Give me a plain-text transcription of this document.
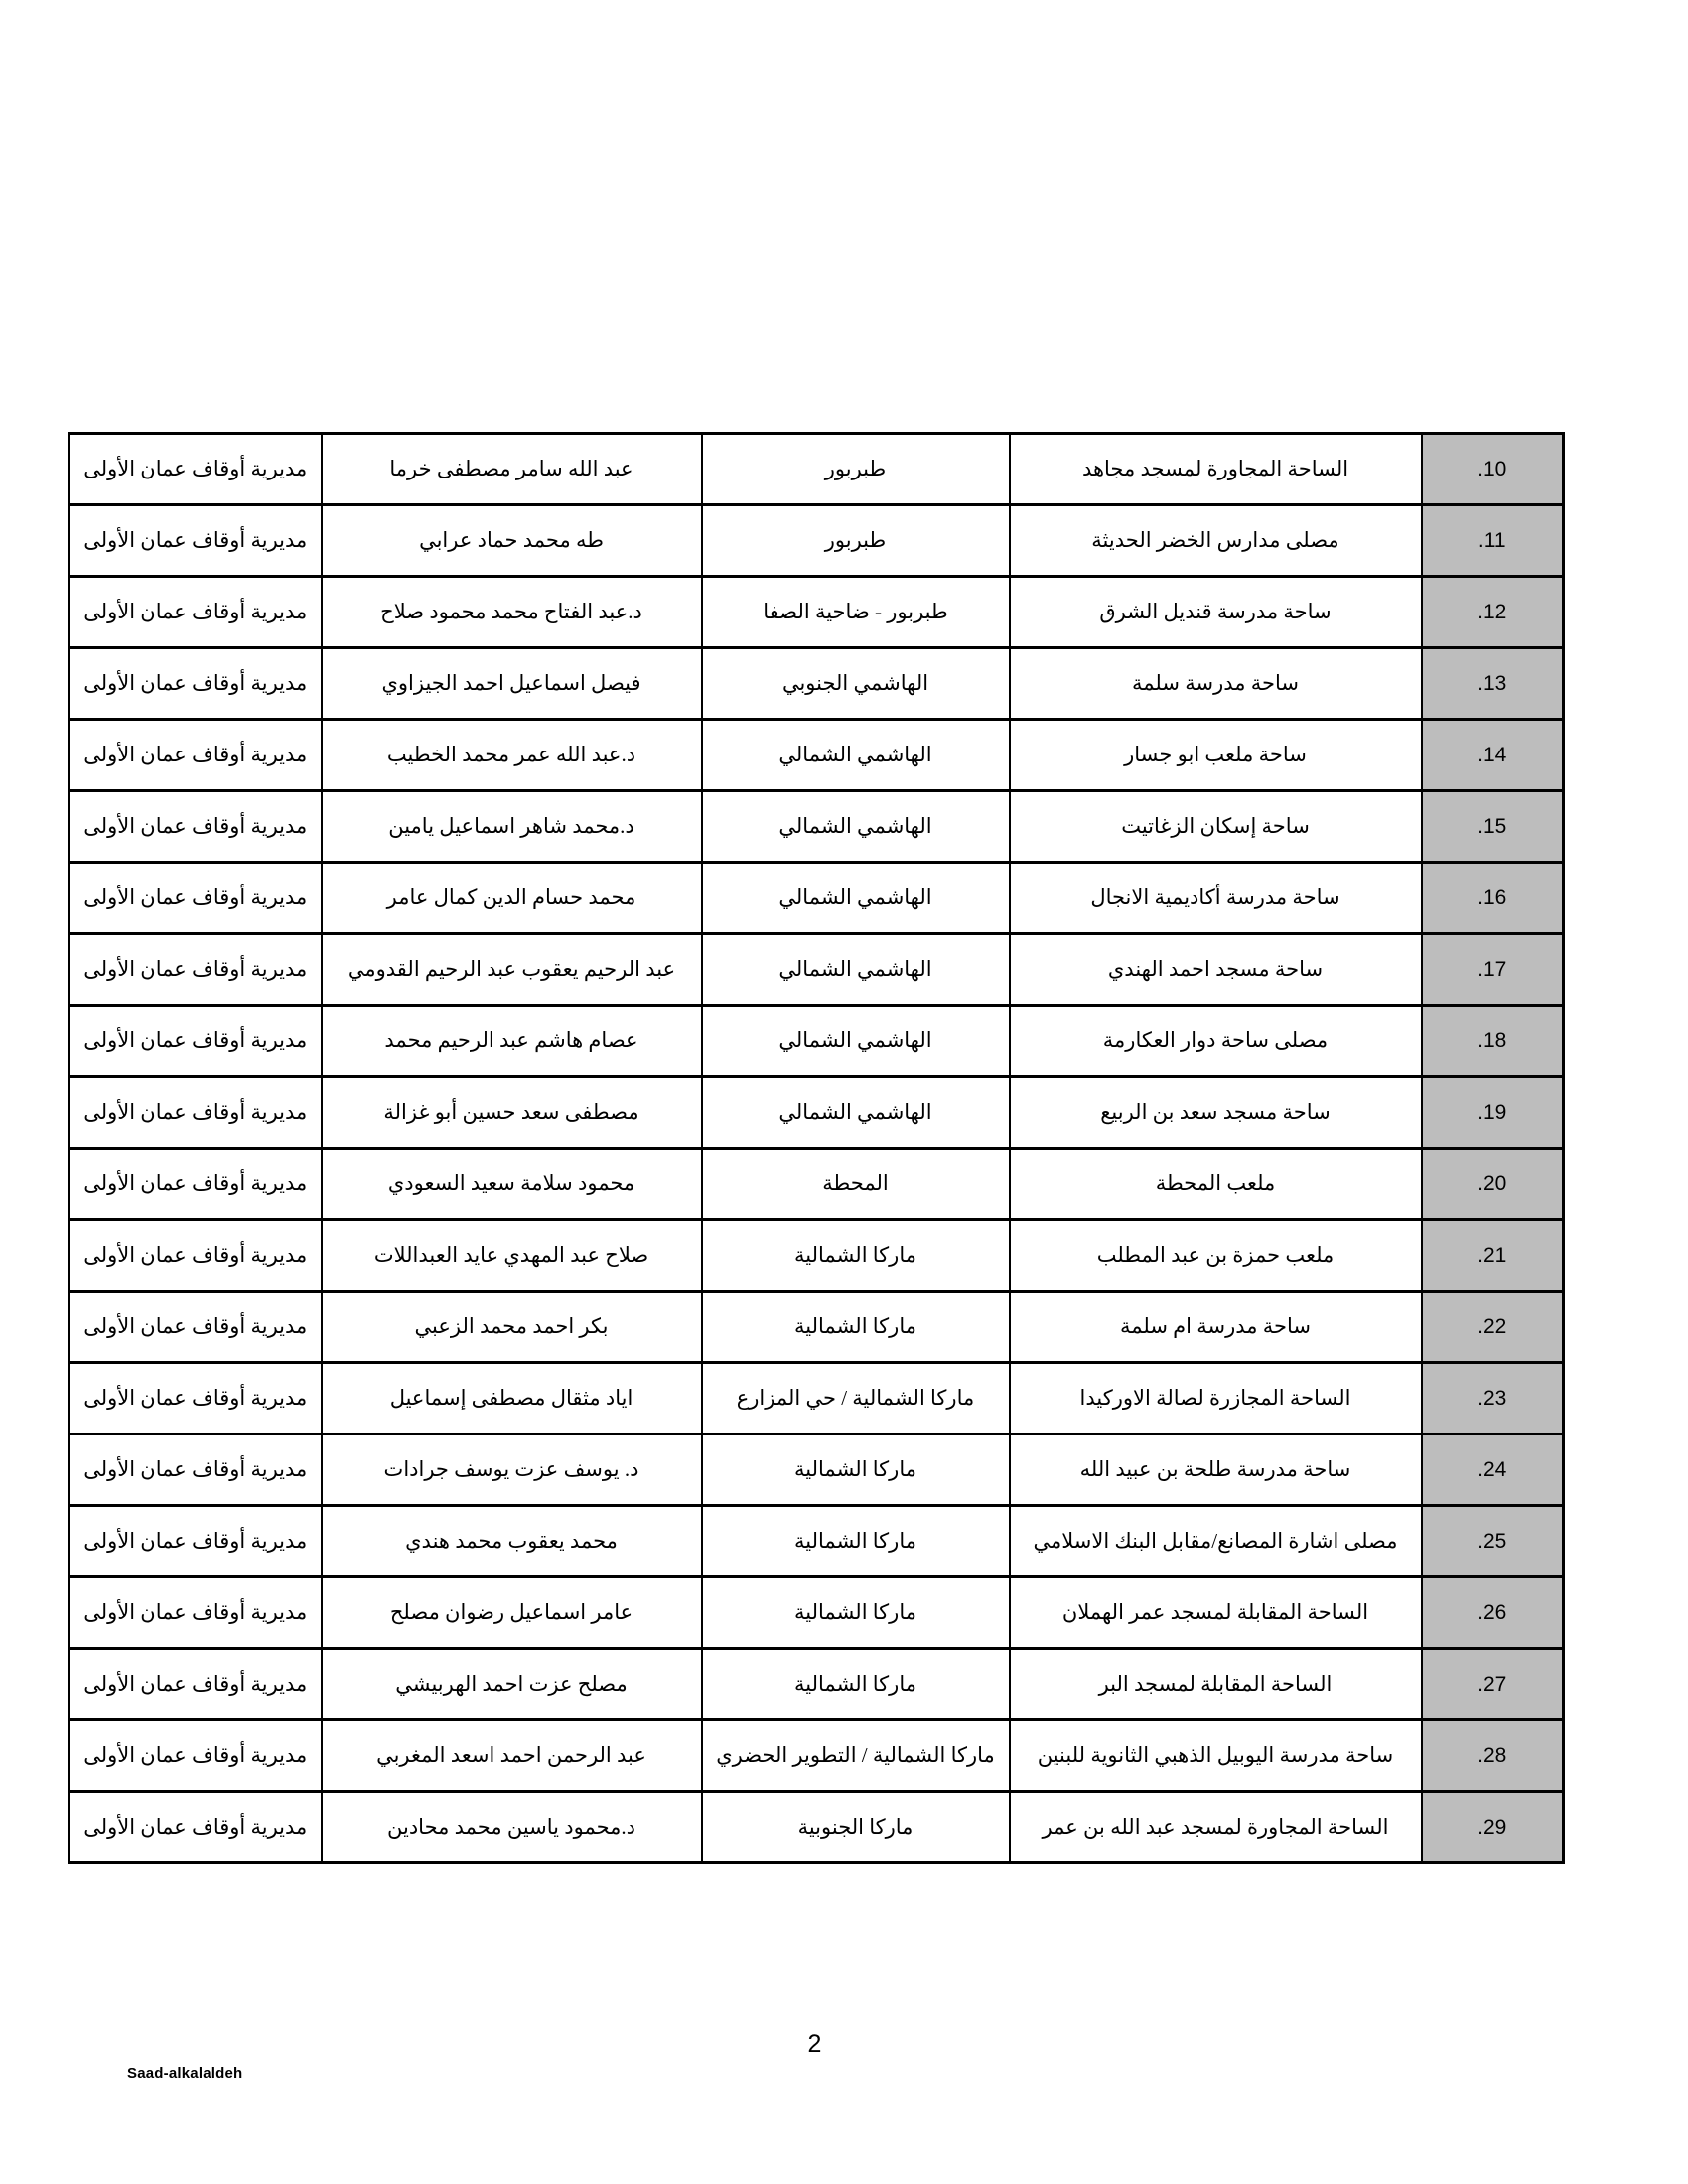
.10	الساحة المجاورة لمسجد مجاهد	طبربور	عبد الله سامر مصطفى خرما	مديرية أوقاف عمان الأولى
.11	مصلى مدارس الخضر الحديثة	طبربور	طه محمد حماد عرابي	مديرية أوقاف عمان الأولى
.12	ساحة مدرسة قنديل الشرق	طبربور - ضاحية الصفا	د.عبد الفتاح محمد محمود صلاح	مديرية أوقاف عمان الأولى
.13	ساحة مدرسة سلمة	الهاشمي الجنوبي	فيصل اسماعيل احمد الجيزاوي	مديرية أوقاف عمان الأولى
.14	ساحة ملعب ابو جسار	الهاشمي الشمالي	د.عبد الله عمر محمد الخطيب	مديرية أوقاف عمان الأولى
.15	ساحة إسكان الزغاتيت	الهاشمي الشمالي	د.محمد شاهر اسماعيل يامين	مديرية أوقاف عمان الأولى
.16	ساحة مدرسة أكاديمية الانجال	الهاشمي الشمالي	محمد حسام الدين كمال عامر	مديرية أوقاف عمان الأولى
.17	ساحة مسجد احمد الهندي	الهاشمي الشمالي	عبد الرحيم يعقوب عبد الرحيم القدومي	مديرية أوقاف عمان الأولى
.18	مصلى ساحة دوار العكارمة	الهاشمي الشمالي	عصام هاشم عبد الرحيم محمد	مديرية أوقاف عمان الأولى
.19	ساحة مسجد سعد بن الربيع	الهاشمي الشمالي	مصطفى سعد حسين أبو غزالة	مديرية أوقاف عمان الأولى
.20	ملعب المحطة	المحطة	محمود سلامة سعيد السعودي	مديرية أوقاف عمان الأولى
.21	ملعب حمزة بن عبد المطلب	ماركا الشمالية	صلاح عبد المهدي عايد العبداللات	مديرية أوقاف عمان الأولى
.22	ساحة مدرسة ام سلمة	ماركا الشمالية	بكر احمد محمد الزعبي	مديرية أوقاف عمان الأولى
.23	الساحة المجازرة لصالة الاوركيدا	ماركا الشمالية / حي المزارع	اياد مثقال مصطفى إسماعيل	مديرية أوقاف عمان الأولى
.24	ساحة مدرسة طلحة بن عبيد الله	ماركا الشمالية	د. يوسف عزت يوسف جرادات	مديرية أوقاف عمان الأولى
.25	مصلى اشارة المصانع/مقابل البنك الاسلامي	ماركا الشمالية	محمد يعقوب محمد هندي	مديرية أوقاف عمان الأولى
.26	الساحة المقابلة لمسجد عمر الهملان	ماركا الشمالية	عامر اسماعيل رضوان مصلح	مديرية أوقاف عمان الأولى
.27	الساحة المقابلة لمسجد البر	ماركا الشمالية	مصلح عزت احمد الهربيشي	مديرية أوقاف عمان الأولى
.28	ساحة مدرسة اليوبيل الذهبي الثانوية للبنين	ماركا الشمالية / التطوير الحضري	عبد الرحمن احمد اسعد المغربي	مديرية أوقاف عمان الأولى
.29	الساحة المجاورة لمسجد عبد الله بن عمر	ماركا الجنوبية	د.محمود ياسين محمد محادين	مديرية أوقاف عمان الأولى
2
Saad-alkalaldeh
